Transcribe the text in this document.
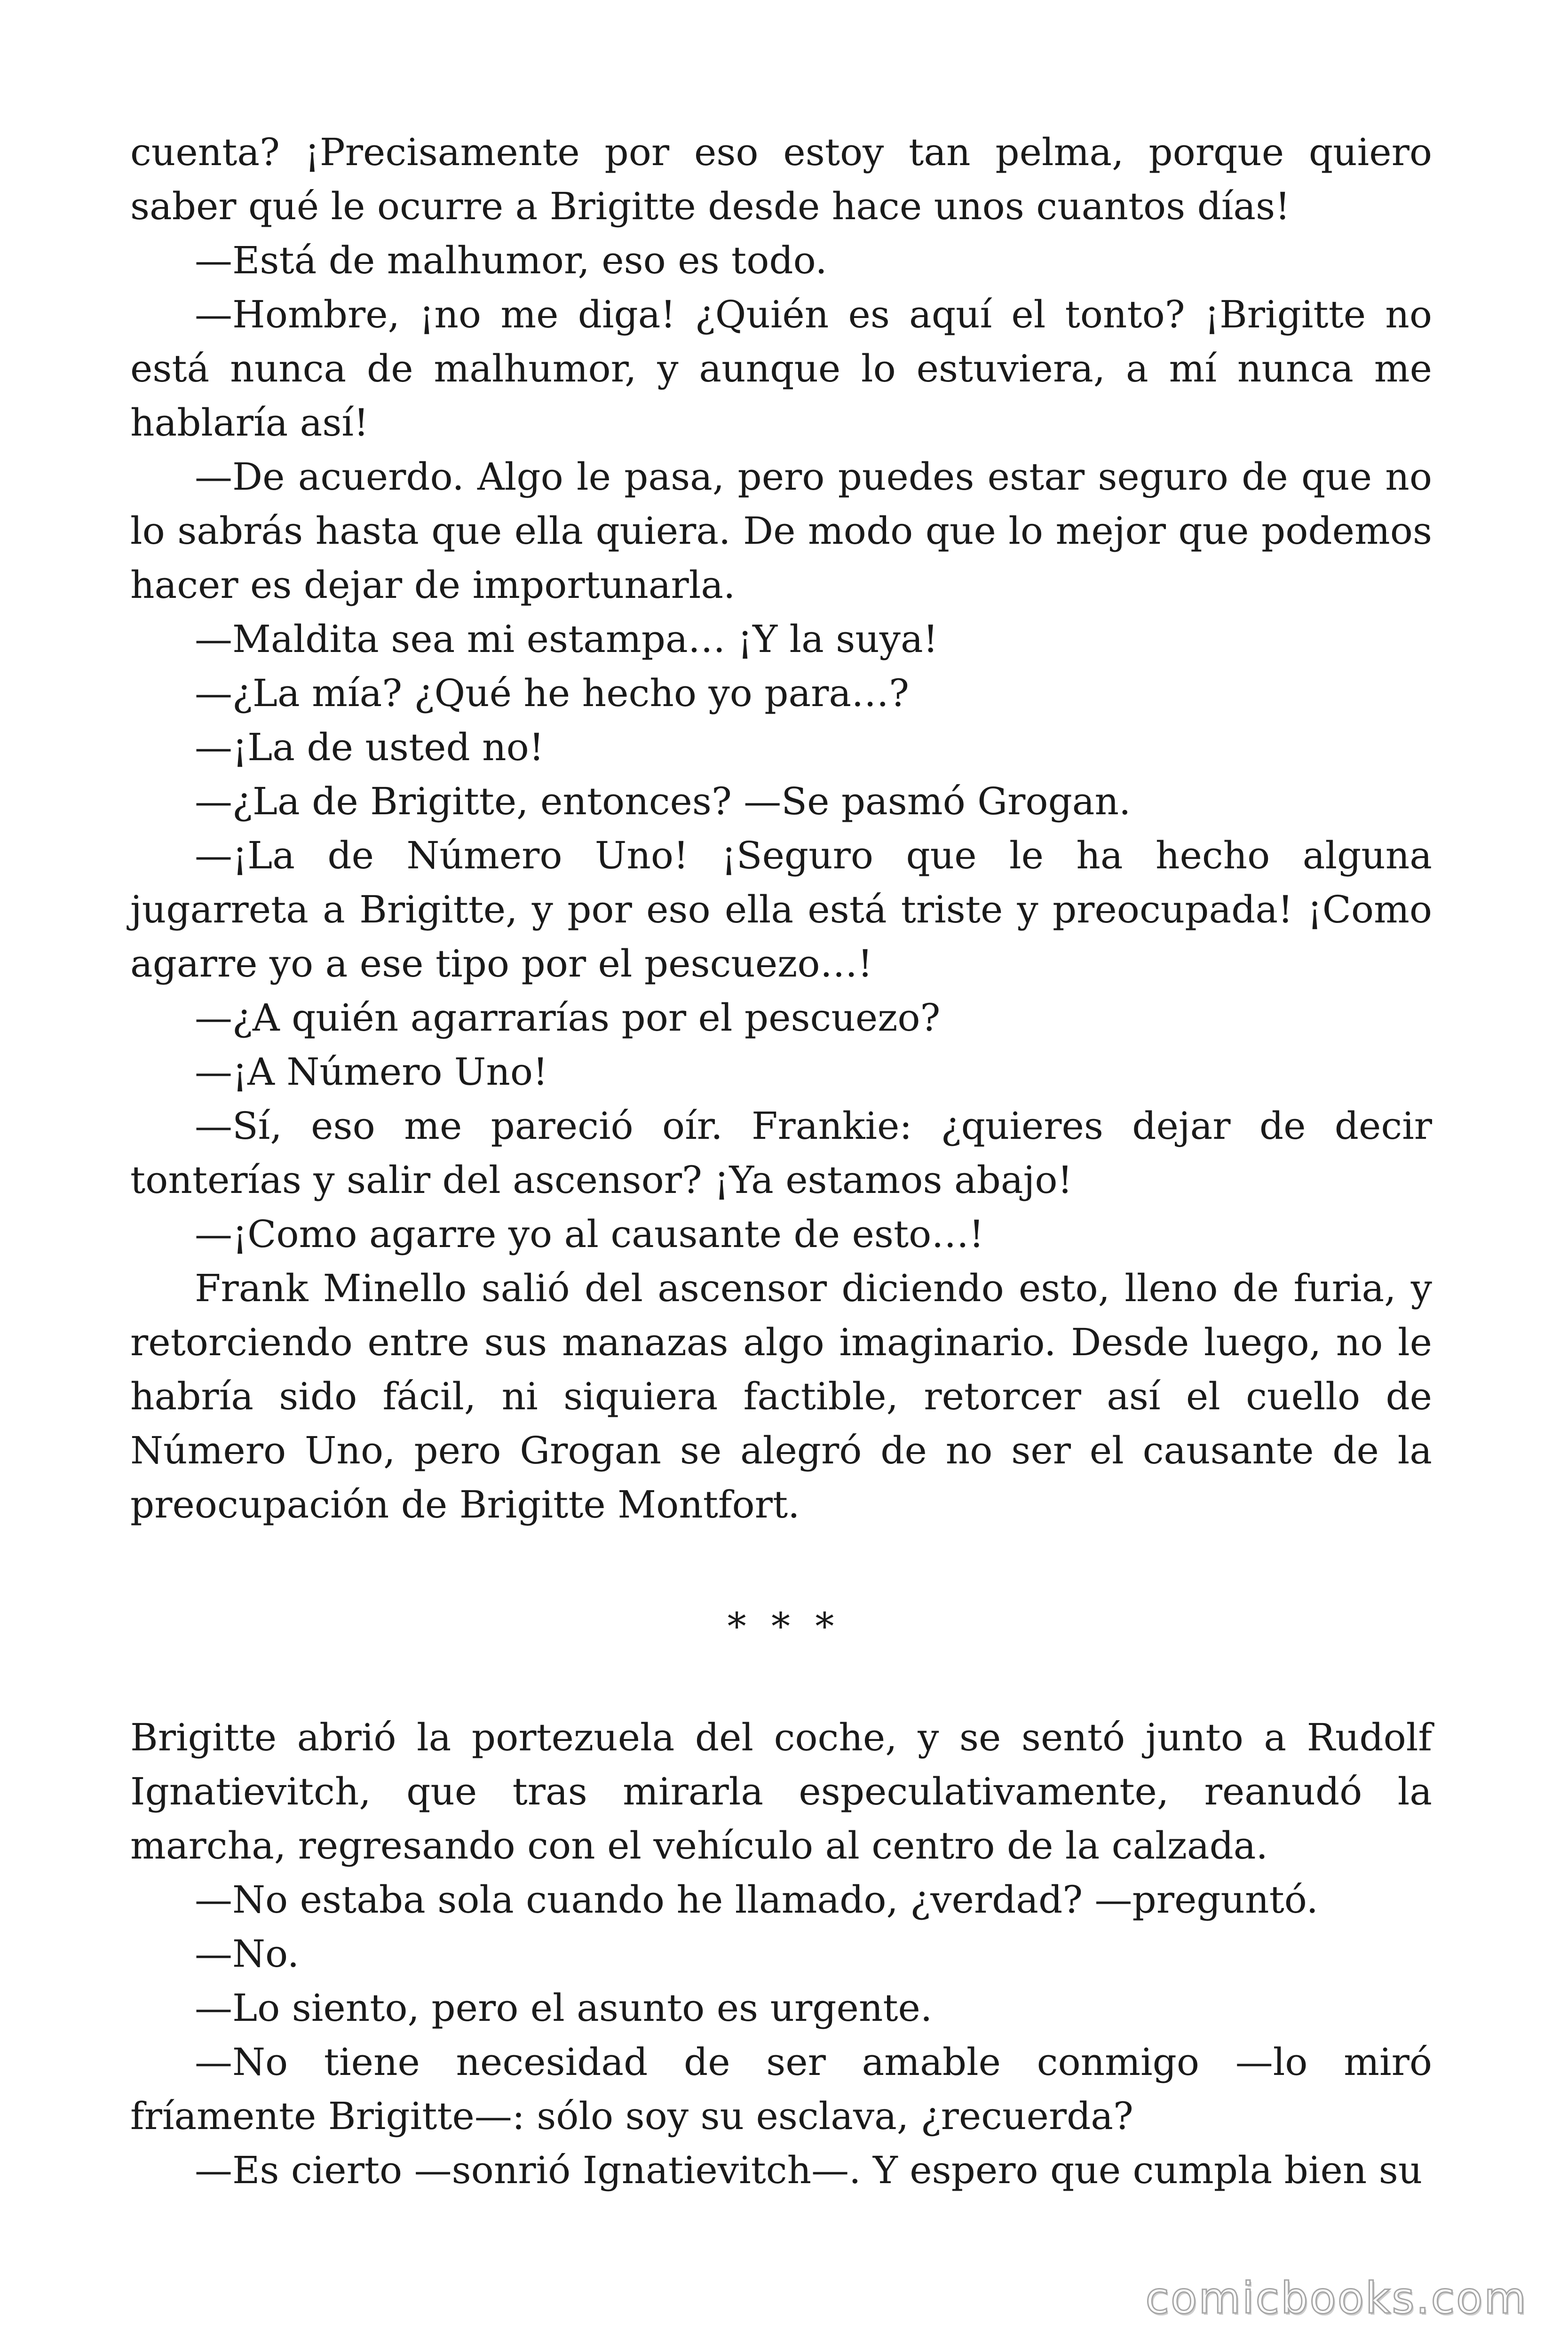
cuenta? ¡Precisamente por eso estoy tan pelma, porque quiero saber qué le ocurre a Brigitte desde hace unos cuantos días!

—Está de malhumor, eso es todo.

—Hombre, ¡no me diga! ¿Quién es aquí el tonto? ¡Brigitte no está nunca de malhumor, y aunque lo estuviera, a mí nunca me hablaría así!

—De acuerdo. Algo le pasa, pero puedes estar seguro de que no lo sabrás hasta que ella quiera. De modo que lo mejor que podemos hacer es dejar de importunarla.

—Maldita sea mi estampa… ¡Y la suya!

—¿La mía? ¿Qué he hecho yo para…?

—¡La de usted no!

—¿La de Brigitte, entonces? —Se pasmó Grogan.

—¡La de Número Uno! ¡Seguro que le ha hecho alguna jugarreta a Brigitte, y por eso ella está triste y preocupada! ¡Como agarre yo a ese tipo por el pescuezo…!

—¿A quién agarrarías por el pescuezo?

—¡A Número Uno!

—Sí, eso me pareció oír. Frankie: ¿quieres dejar de decir tonterías y salir del ascensor? ¡Ya estamos abajo!

—¡Como agarre yo al causante de esto…!

Frank Minello salió del ascensor diciendo esto, lleno de furia, y retorciendo entre sus manazas algo imaginario. Desde luego, no le habría sido fácil, ni siquiera factible, retorcer así el cuello de Número Uno, pero Grogan se alegró de no ser el causante de la preocupación de Brigitte Montfort.

* * *

Brigitte abrió la portezuela del coche, y se sentó junto a Rudolf Ignatievitch, que tras mirarla especulativamente, reanudó la marcha, regresando con el vehículo al centro de la calzada.

—No estaba sola cuando he llamado, ¿verdad? —preguntó.

—No.

—Lo siento, pero el asunto es urgente.

—No tiene necesidad de ser amable conmigo —lo miró fríamente Brigitte—: sólo soy su esclava, ¿recuerda?

—Es cierto —sonrió Ignatievitch—. Y espero que cumpla bien su

comicbooks.com
